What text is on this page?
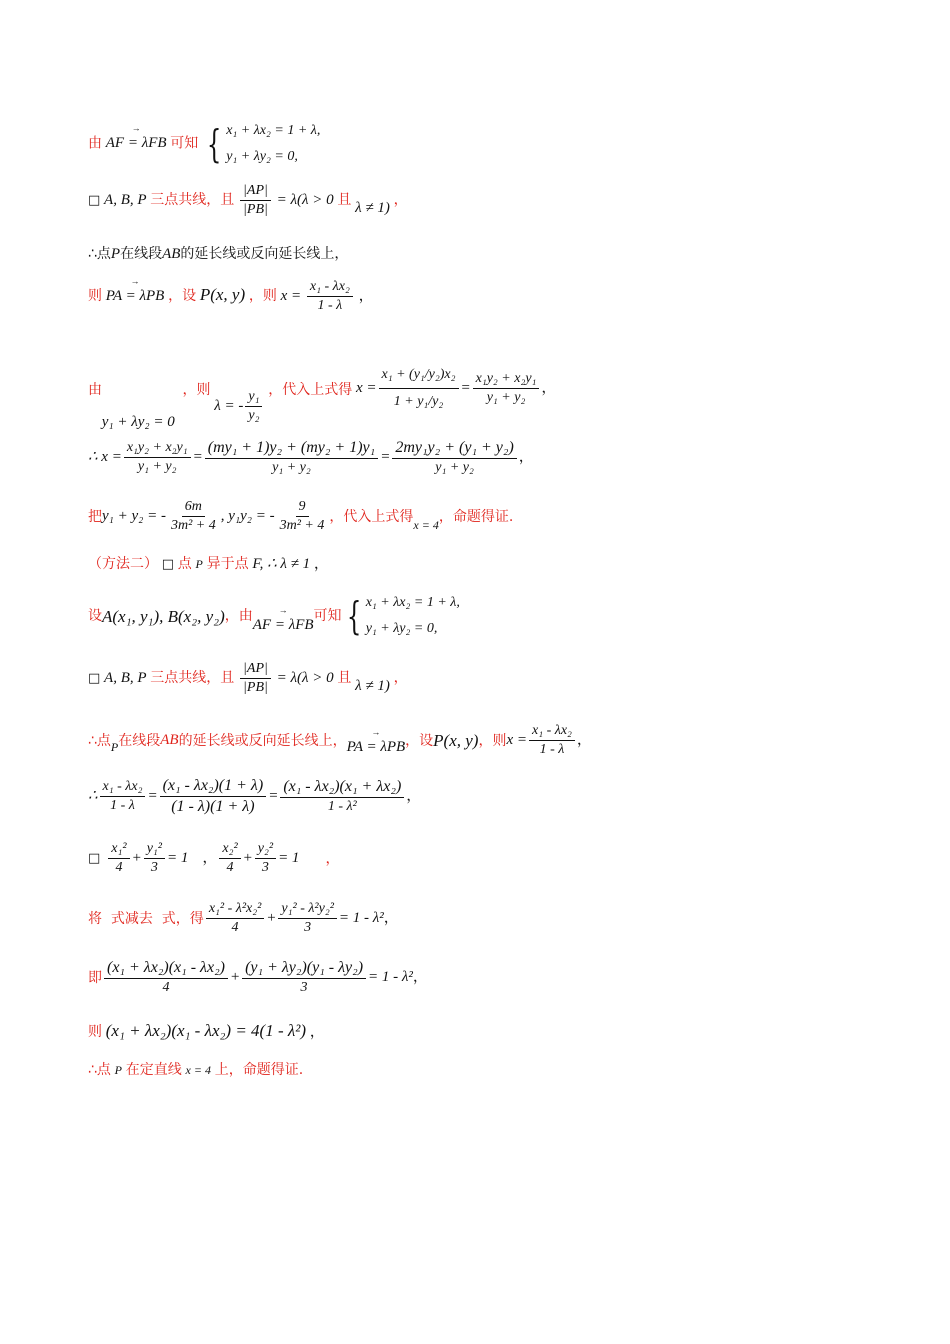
由 → AF = λFB 可知 { x₁ + λx₂ = 1 + λ,
y₁ + λy₂ = 0,
□ A, B, P 三点共线，且 $\frac{|AP|}{|PB|} = \lambda(\lambda > 0$ 且 λ ≠ 1) ，
∴点P在线段AB的延长线或反向延长线上，
则 → PA = λPB ，设 P(x, y) ，则 $x = \frac{\text{x₁ - λx₂}}{1 - \lambda}$ ，
由 y₁ + λy₂ = 0 ，则
λ = - $\frac{\text{y₁}}{\text{y₂}}$ ，代入上式得 $x = \frac{\text{x₁ + (y₁/y₂)x₂}}{\text{1 + y₁/y₂}} = \frac{\text{x₁y₂ + x₂y₁}}{\text{y₁ + y₂}}$ ，
∴ $x = \frac{\text{x₁y₂ + x₂y₁}}{\text{y₁ + y₂}} = \frac{\text{(my₁ + 1)y₂ + (my₂ + 1)y₁}}{\text{y₁ + y₂}} = \frac{\text{2my₁y₂ + (y₁ + y₂)}}{\text{y₁ + y₂}}$ ，
把 y₁ + y₂ = - $\frac{6m}{\text{3m² + 4}}$ , y₁y₂ = - $\frac{9}{\text{3m² + 4}}$ ，代入上式得 x = 4 ，命题得证.
（方法二） □ 点 P 异于点 F, ∴ λ ≠ 1 ，
设 A(x₁, y₁), B(x₂, y₂) ，由
→ AF = λFB
可知 { x₁ + λx₂ = 1 + λ,
y₁ + λy₂ = 0,
□ A, B, P 三点共线，且 $\frac{|AP|}{|PB|} = \lambda(\lambda > 0$ 且 λ ≠ 1) ，
∴点 P 在线段 AB 的延长线或反向延长线上， → PA = λPB ，设 P(x, y) ，则 $x = \frac{\text{x₁ - λx₂}}{1 - \lambda}$ ，
∴ $\frac{\text{x₁ - λx₂}}{1 - \lambda} = \frac{\text{(x₁ - λx₂)(1 + λ)}}{(1 - \lambda)(1 + \lambda)} = \frac{\text{(x₁ - λx₂)(x₁ + λx₂)}}{\text{1 - λ²}}$ ，
□ $\frac{\text{x₁²}}{4} + \frac{\text{y₁²}}{3} = 1$ ， $\frac{\text{x₂²}}{4} + \frac{\text{y₂²}}{3} = 1$ ，
将  式减去  式，得 $\frac{\text{x₁² - λ²x₂²}}{4} + \frac{\text{y₁² - λ²y₂²}}{3} = 1 - \lambda^2$ ，
即 $\frac{\text{(x₁ + λx₂)(x₁ - λx₂)}}{4} + \frac{\text{(y₁ + λy₂)(y₁ - λy₂)}}{3} = 1 - \lambda^2$ ，
则 (x₁ + λx₂)(x₁ - λx₂) = 4(1 - λ²) ，
∴点 P 在定直线 x = 4 上，命题得证.
